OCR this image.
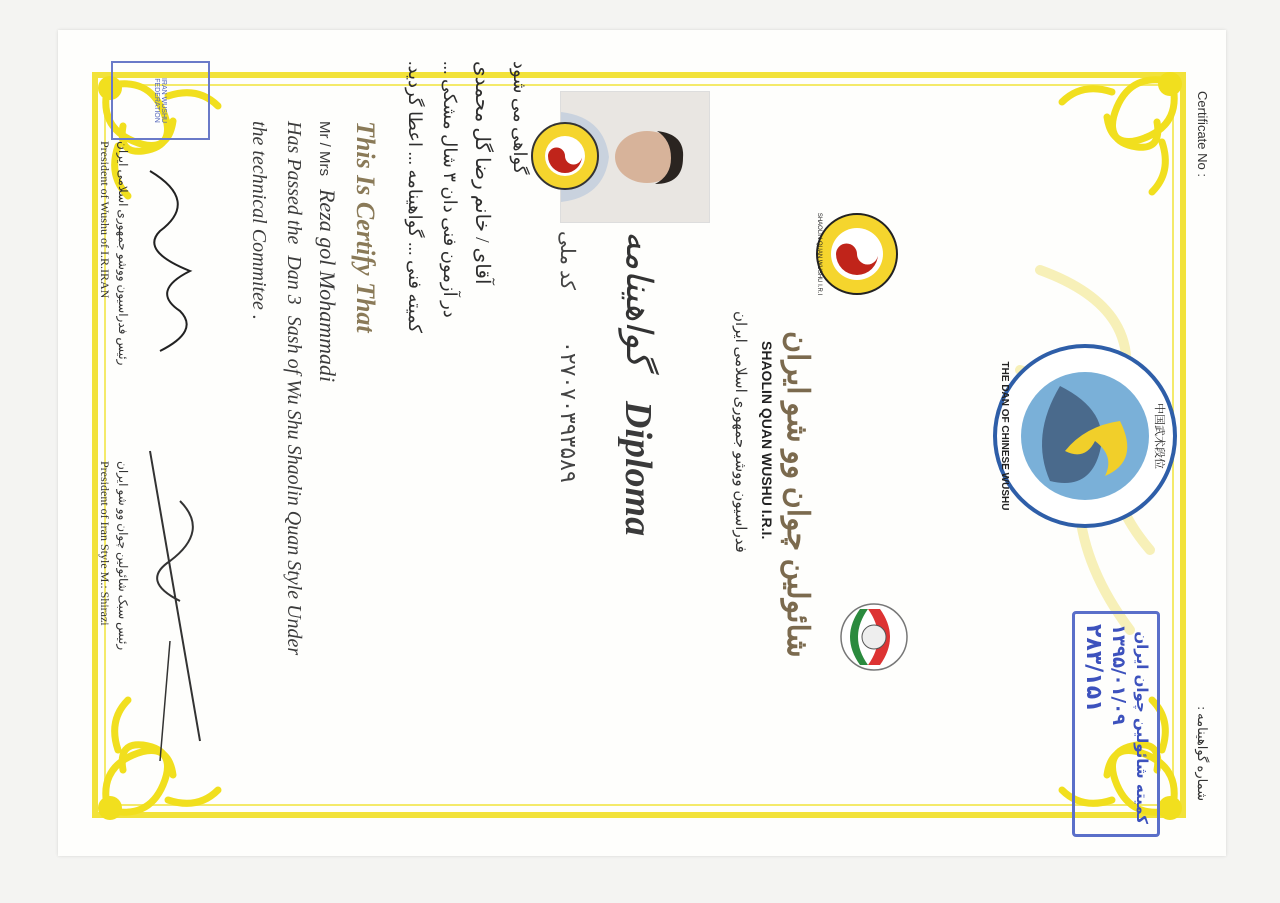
Certificate No :
شماره گواهینامه :
中国武术段位
THE DAN OF CHINESE WUSHU
کمیته شائولین چوان ایران
۱۳۹۵/۰۱/۰۹
۲۸۳/۱۵۱
SHAOLIN QUAN WUSHU I.R.I
فدراسیون ووشو جمهوری اسلامی ایران SHAOLIN QUAN WUSHU I.R.I. شائولین چوان وو شو ایران
Diploma
گواهینامه
۰۲۷۰۷۰۳۹۳۵۸۹
کد ملی
گواهی می شود
آقای / خانم رضا گل محمدی
در آزمون فنی دان ۳ شال مشکی ...
کمیته فنی ... گواهینامه ... اعطا گردید.
This Is Certify That
Mr / Mrs Reza gol Mohammadi
Has Passed the Dan 3 Sash of Wu Shu Shaolin Quan Style Under
the technical Commitee .
رئیس فدراسیون ووشو جمهوری اسلامی ایران
President of Wushu of I.R.IRAN
IRAN WUSHU FEDERATION
رئیس سبک شائولین چوان وو شو ایران
President of Iran Style M.: Shirazi
